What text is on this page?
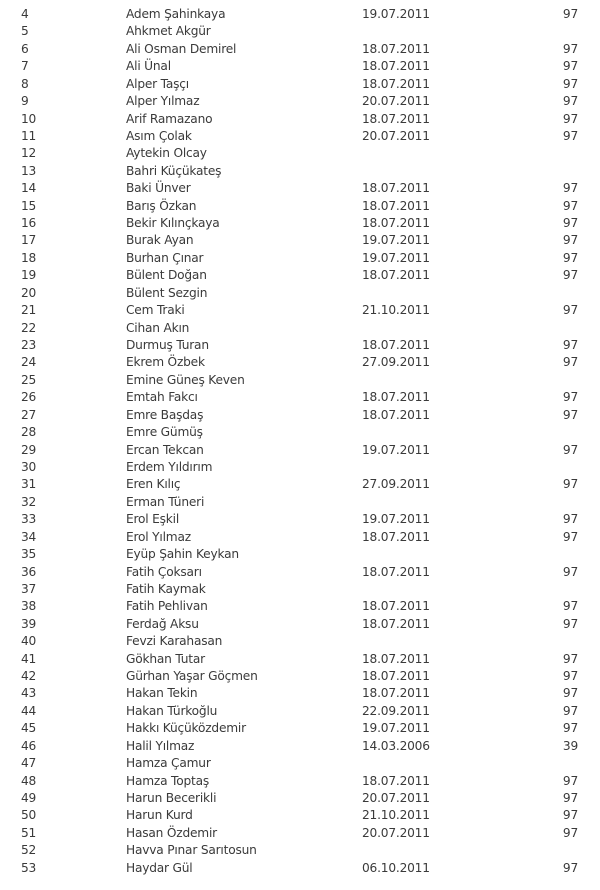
4	Adem Şahinkaya	19.07.2011	97
5	Ahkmet Akgür
6	Ali Osman Demirel	18.07.2011	97
7	Ali Ünal	18.07.2011	97
8	Alper Taşçı	18.07.2011	97
9	Alper Yılmaz	20.07.2011	97
10	Arif Ramazano	18.07.2011	97
11	Asım Çolak	20.07.2011	97
12	Aytekin Olcay
13	Bahri Küçükateş
14	Baki Ünver	18.07.2011	97
15	Barış Özkan	18.07.2011	97
16	Bekir Kılınçkaya	18.07.2011	97
17	Burak Ayan	19.07.2011	97
18	Burhan Çınar	19.07.2011	97
19	Bülent Doğan	18.07.2011	97
20	Bülent Sezgin
21	Cem Traki	21.10.2011	97
22	Cihan Akın
23	Durmuş Turan	18.07.2011	97
24	Ekrem Özbek	27.09.2011	97
25	Emine Güneş Keven
26	Emtah Fakcı	18.07.2011	97
27	Emre Başdaş	18.07.2011	97
28	Emre Gümüş
29	Ercan Tekcan	19.07.2011	97
30	Erdem Yıldırım
31	Eren Kılıç	27.09.2011	97
32	Erman Tüneri
33	Erol Eşkil	19.07.2011	97
34	Erol Yılmaz	18.07.2011	97
35	Eyüp Şahin Keykan
36	Fatih Çoksarı	18.07.2011	97
37	Fatih Kaymak
38	Fatih Pehlivan	18.07.2011	97
39	Ferdağ Aksu	18.07.2011	97
40	Fevzi Karahasan
41	Gökhan Tutar	18.07.2011	97
42	Gürhan Yaşar Göçmen	18.07.2011	97
43	Hakan Tekin	18.07.2011	97
44	Hakan Türkoğlu	22.09.2011	97
45	Hakkı Küçüközdemir	19.07.2011	97
46	Halil Yılmaz	14.03.2006	39
47	Hamza Çamur
48	Hamza Toptaş	18.07.2011	97
49	Harun Becerikli	20.07.2011	97
50	Harun Kurd	21.10.2011	97
51	Hasan Özdemir	20.07.2011	97
52	Havva Pınar Sarıtosun
53	Haydar Gül	06.10.2011	97
